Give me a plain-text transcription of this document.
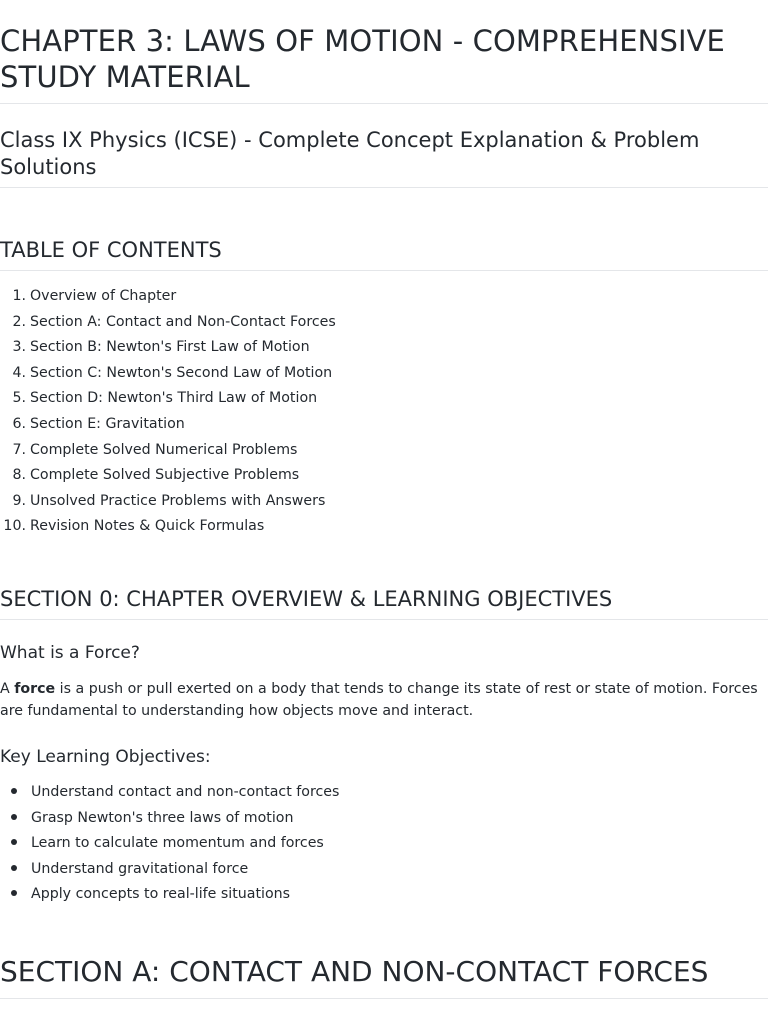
CHAPTER 3: LAWS OF MOTION - COMPREHENSIVE STUDY MATERIAL
Class IX Physics (ICSE) - Complete Concept Explanation & Problem Solutions
TABLE OF CONTENTS
1. Overview of Chapter
2. Section A: Contact and Non-Contact Forces
3. Section B: Newton's First Law of Motion
4. Section C: Newton's Second Law of Motion
5. Section D: Newton's Third Law of Motion
6. Section E: Gravitation
7. Complete Solved Numerical Problems
8. Complete Solved Subjective Problems
9. Unsolved Practice Problems with Answers
10. Revision Notes & Quick Formulas
SECTION 0: CHAPTER OVERVIEW & LEARNING OBJECTIVES
What is a Force?

A force is a push or pull exerted on a body that tends to change its state of rest or state of motion. Forces are fundamental to understanding how objects move and interact.

Key Learning Objectives:
Understand contact and non-contact forces
Grasp Newton's three laws of motion
Learn to calculate momentum and forces
Understand gravitational force
Apply concepts to real-life situations
SECTION A: CONTACT AND NON-CONTACT FORCES
